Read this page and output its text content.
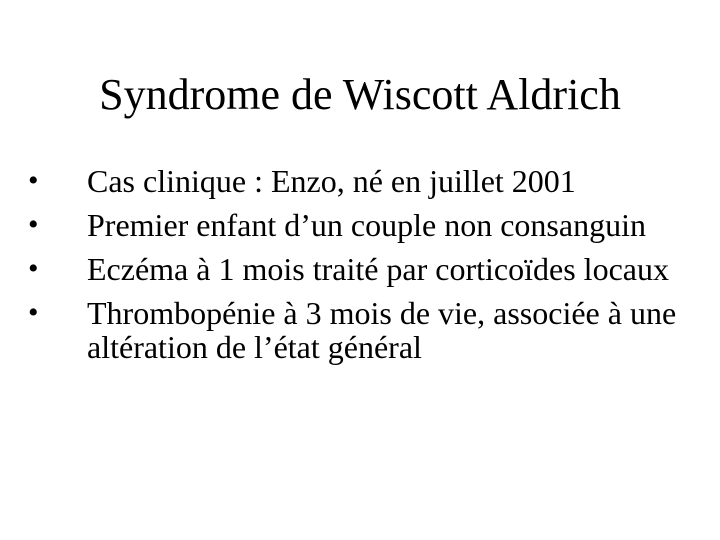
Syndrome de Wiscott Aldrich
• Cas clinique : Enzo, né en juillet 2001
• Premier enfant d’un couple non consanguin
• Eczéma à 1 mois traité par corticoïdes locaux
• Thrombopénie à 3 mois de vie, associée à une altération de l’état général
